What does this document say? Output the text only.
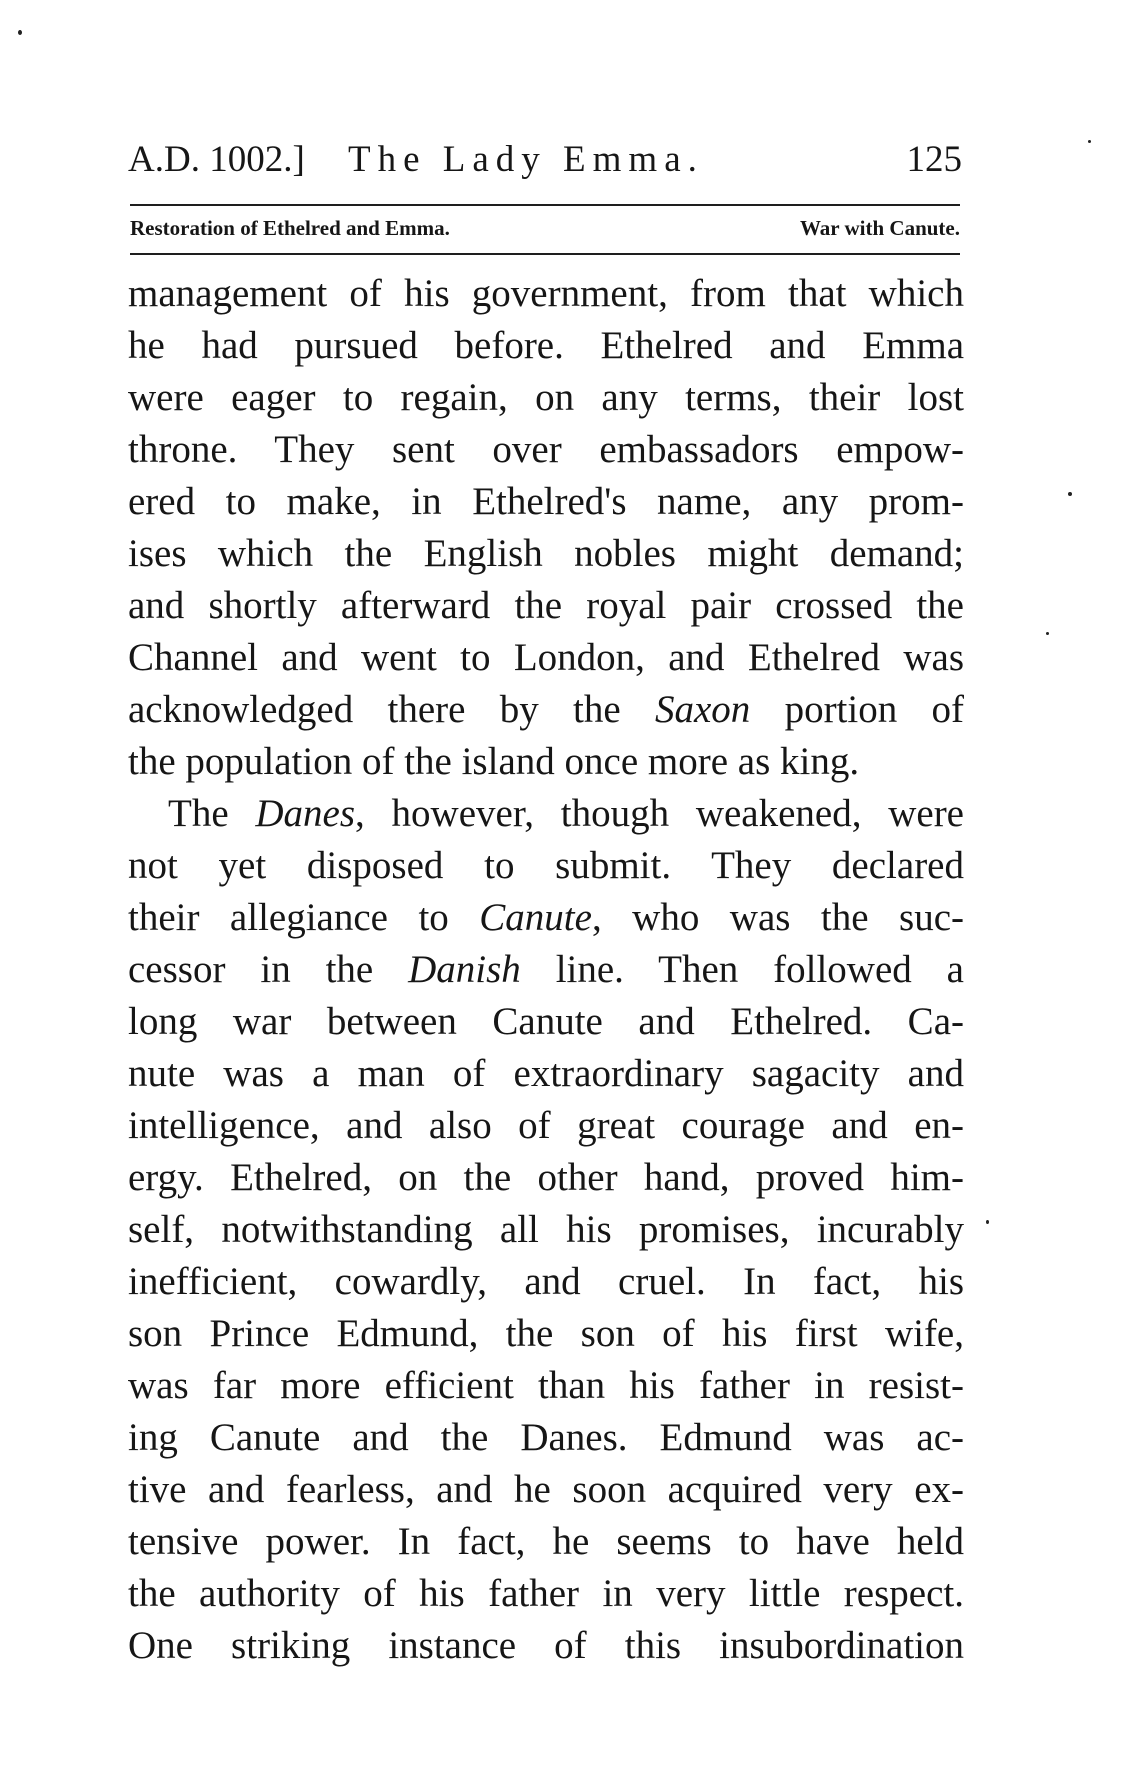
A.D. 1002.] The Lady Emma.	125
Restoration of Ethelred and Emma.	War with Canute.
management of his government, from that which
he had pursued before. Ethelred and Emma
were eager to regain, on any terms, their lost
throne. They sent over embassadors empow-
ered to make, in Ethelred's name, any prom-
ises which the English nobles might demand;
and shortly afterward the royal pair crossed the
Channel and went to London, and Ethelred was
acknowledged there by the Saxon portion of
the population of the island once more as king.
The Danes, however, though weakened, were
not yet disposed to submit. They declared
their allegiance to Canute, who was the suc-
cessor in the Danish line. Then followed a
long war between Canute and Ethelred. Ca-
nute was a man of extraordinary sagacity and
intelligence, and also of great courage and en-
ergy. Ethelred, on the other hand, proved him-
self, notwithstanding all his promises, incurably
inefficient, cowardly, and cruel. In fact, his
son Prince Edmund, the son of his first wife,
was far more efficient than his father in resist-
ing Canute and the Danes. Edmund was ac-
tive and fearless, and he soon acquired very ex-
tensive power. In fact, he seems to have held
the authority of his father in very little respect.
One striking instance of this insubordination
